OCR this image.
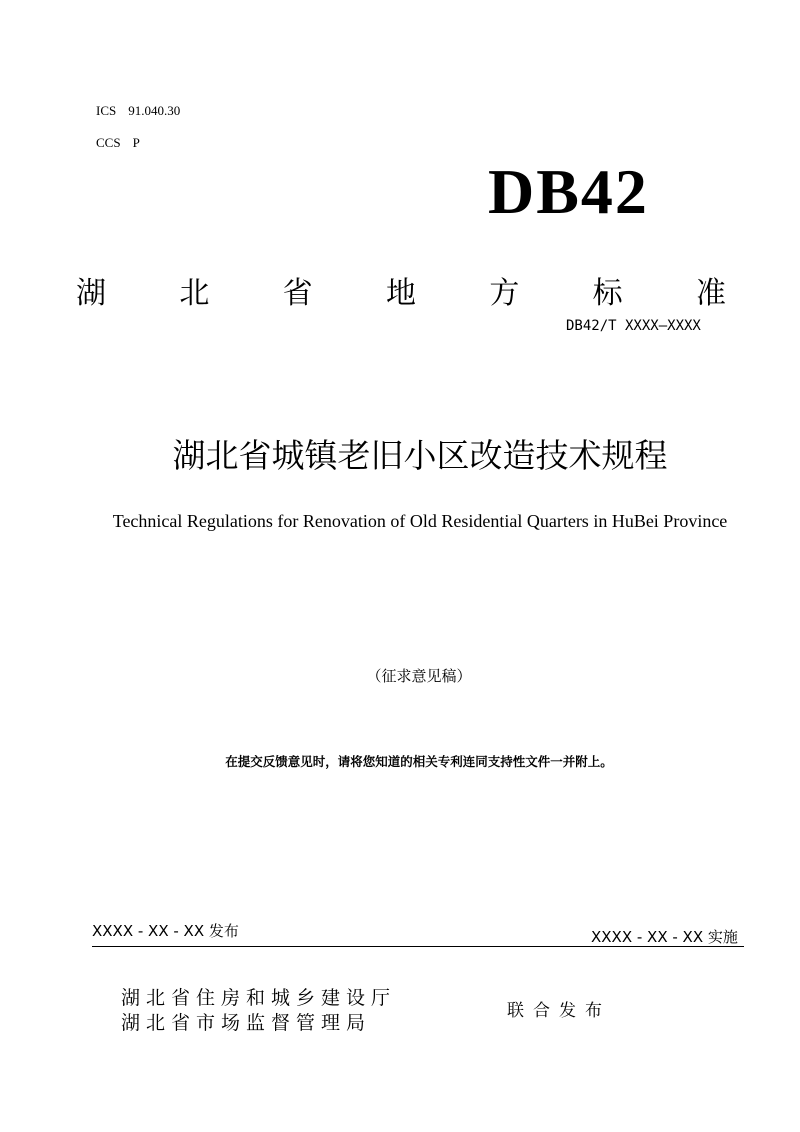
ICS 91.040.30
CCS P
DB42
湖 北 省 地 方 标 准
DB42/T XXXX—XXXX
湖北省城镇老旧小区改造技术规程
Technical Regulations for Renovation of Old Residential Quarters in HuBei Province
（征求意见稿）
在提交反馈意见时，请将您知道的相关专利连同支持性文件一并附上。
XXXX - XX - XX 发布	XXXX - XX - XX 实施
湖北省住房和城乡建设厅
湖北省市场监督管理局
联合发布
